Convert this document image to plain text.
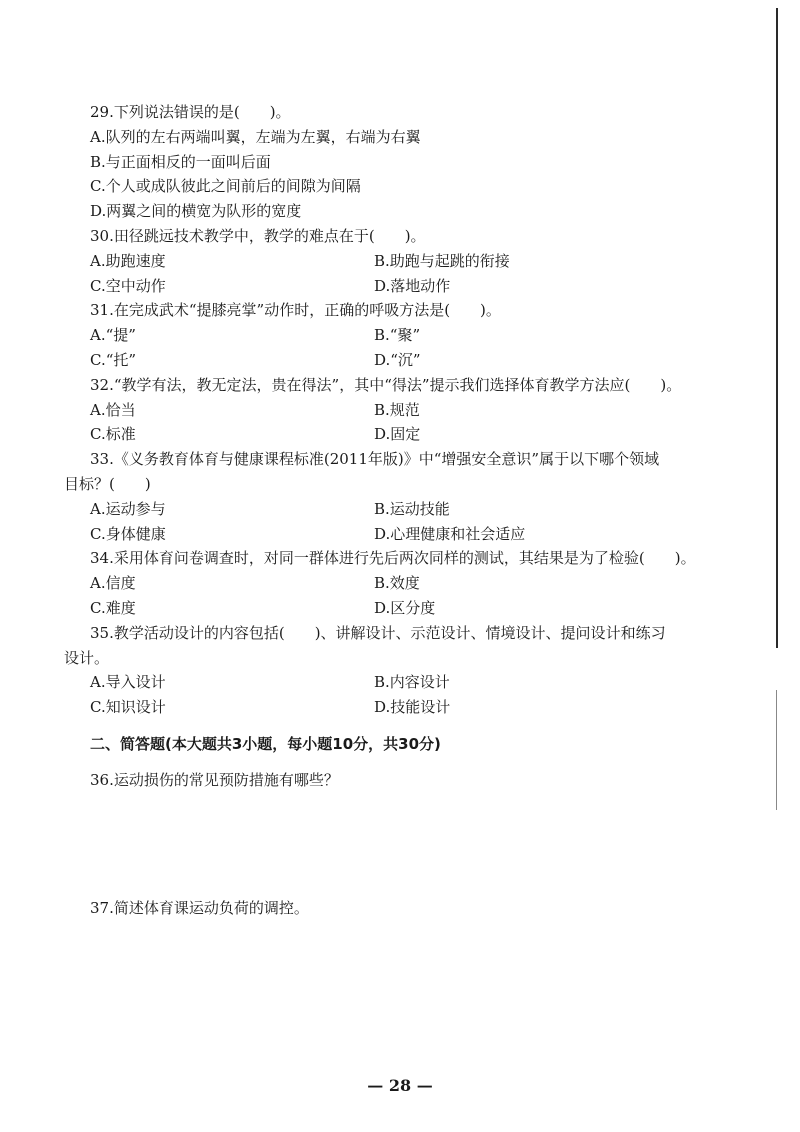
29.下列说法错误的是(　　)。
A.队列的左右两端叫翼，左端为左翼，右端为右翼
B.与正面相反的一面叫后面
C.个人或成队彼此之间前后的间隙为间隔
D.两翼之间的横宽为队形的宽度
30.田径跳远技术教学中，教学的难点在于(　　)。
A.助跑速度	B.助跑与起跳的衔接
C.空中动作	D.落地动作
31.在完成武术“提膝亮掌”动作时，正确的呼吸方法是(　　)。
A.“提”	B.“聚”
C.“托”	D.“沉”
32.“教学有法，教无定法，贵在得法”，其中“得法”提示我们选择体育教学方法应(　　)。
A.恰当	B.规范
C.标准	D.固定
33.《义务教育体育与健康课程标准(2011年版)》中“增强安全意识”属于以下哪个领域
目标？(　　)
A.运动参与	B.运动技能
C.身体健康	D.心理健康和社会适应
34.采用体育问卷调查时，对同一群体进行先后两次同样的测试，其结果是为了检验(　　)。
A.信度	B.效度
C.难度	D.区分度
35.教学活动设计的内容包括(　　)、讲解设计、示范设计、情境设计、提问设计和练习
设计。
A.导入设计	B.内容设计
C.知识设计	D.技能设计
二、简答题(本大题共3小题，每小题10分，共30分)
36.运动损伤的常见预防措施有哪些？
37.简述体育课运动负荷的调控。
— 28 —
